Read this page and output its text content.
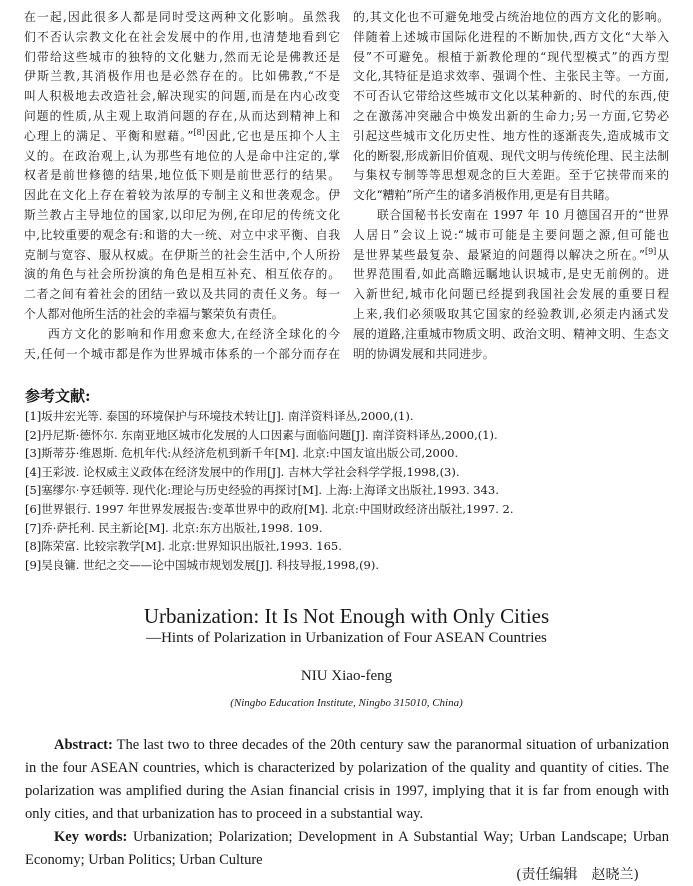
在一起,因此很多人都是同时受这两种文化影响。虽然我
们不否认宗教文化在社会发展中的作用,也清楚地看到它
们带给这些城市的独特的文化魅力,然而无论是佛教还是
伊斯兰教,其消极作用也是必然存在的。比如佛教,“不是
叫人积极地去改造社会,解决现实的问题,而是在内心改变
问题的性质,从主观上取消问题的存在,从而达到精神上和
心理上的满足、平衡和慰藉。”[8]因此,它也是压抑个人主
义的。在政治观上,认为那些有地位的人是命中注定的,掌
权者是前世修德的结果,地位低下则是前世恶行的结果。
因此在文化上存在着较为浓厚的专制主义和世袭观念。伊
斯兰教占主导地位的国家,以印尼为例,在印尼的传统文化
中,比较重要的观念有:和谐的大一统、对立中求平衡、自我
克制与宽容、服从权威。在伊斯兰的社会生活中,个人所扮
演的角色与社会所扮演的角色是相互补充、相互依存的。
二者之间有着社会的团结一致以及共同的责任义务。每一
个人都对他所生活的社会的幸福与繁荣负有责任。
西方文化的影响和作用愈来愈大,在经济全球化的今
天,任何一个城市都是作为世界城市体系的一个部分而存在
的,其文化也不可避免地受占统治地位的西方文化的影响。
伴随着上述城市国际化进程的不断加快,西方文化“大举入
侵”不可避免。根植于新教伦理的“现代型模式”的西方型
文化,其特征是追求效率、强调个性、主张民主等。一方面,
不可否认它带给这些城市文化以某种新的、时代的东西,使
之在激荡冲突融合中焕发出新的生命力;另一方面,它势必
引起这些城市文化历史性、地方性的逐渐丧失,造成城市文
化的断裂,形成新旧价值观、现代文明与传统伦理、民主法制
与集权专制等等思想观念的巨大差距。至于它挟带而来的
文化“糟粕”所产生的诸多消极作用,更是有目共睹。
联合国秘书长安南在 1997 年 10 月德国召开的“世界
人居日”会议上说:“城市可能是主要问题之源,但可能也
是世界某些最复杂、最紧迫的问题得以解决之所在。”[9]从
世界范围看,如此高瞻远瞩地认识城市,是史无前例的。进
入新世纪,城市化问题已经提到我国社会发展的重要日程
上来,我们必须吸取其它国家的经验教训,必须走内涵式发
展的道路,注重城市物质文明、政治文明、精神文明、生态文
明的协调发展和共同进步。
参考文献:
[1]坂井宏光等. 泰国的环境保护与环境技术转让[J]. 南洋资料译丛,2000,(1).
[2]丹尼斯·德怀尔. 东南亚地区城市化发展的人口因素与面临问题[J]. 南洋资料译丛,2000,(1).
[3]斯蒂芬·维恩斯. 危机年代:从经济危机到新千年[M]. 北京:中国友谊出版公司,2000.
[4]王彩波. 论权威主义政体在经济发展中的作用[J]. 吉林大学社会科学学报,1998,(3).
[5]塞缪尔·亨廷顿等. 现代化:理论与历史经验的再探讨[M]. 上海:上海译文出版社,1993. 343.
[6]世界银行. 1997 年世界发展报告:变革世界中的政府[M]. 北京:中国财政经济出版社,1997. 2.
[7]乔·萨托利. 民主新论[M]. 北京:东方出版社,1998. 109.
[8]陈荣富. 比较宗教学[M]. 北京:世界知识出版社,1993. 165.
[9]吴良镛. 世纪之交——论中国城市规划发展[J]. 科技导报,1998,(9).
Urbanization: It Is Not Enough with Only Cities
—Hints of Polarization in Urbanization of Four ASEAN Countries
NIU Xiao-feng
(Ningbo Education Institute, Ningbo 315010, China)
Abstract: The last two to three decades of the 20th century saw the paranormal situation of urbanization in the four ASEAN countries, which is characterized by polarization of the quality and quantity of cities. The polarization was amplified during the Asian financial crisis in 1997, implying that it is far from enough with only cities, and that urbanization has to proceed in a substantial way.
Key words: Urbanization; Polarization; Development in A Substantial Way; Urban Landscape; Urban Economy; Urban Politics; Urban Culture
(责任编辑　赵晓兰)
